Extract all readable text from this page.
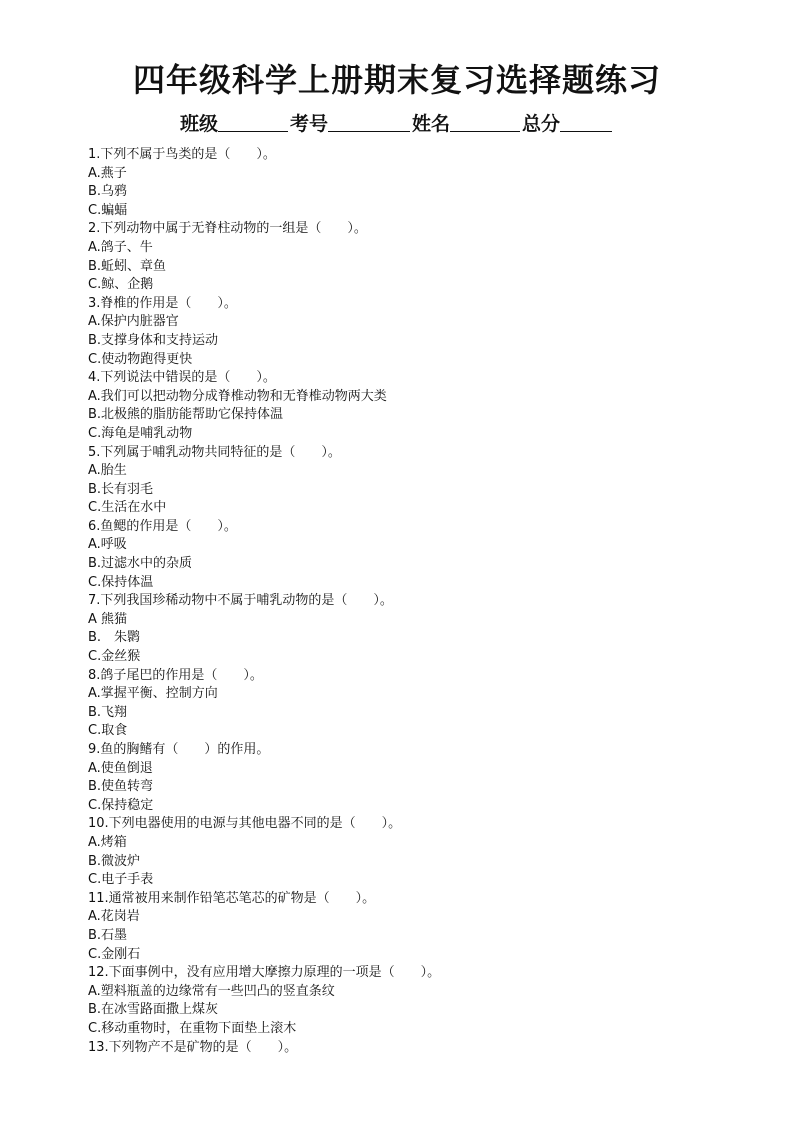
四年级科学上册期末复习选择题练习
班级	考号	姓名	总分
1.下列不属于鸟类的是（　　）。
A.燕子
B.乌鸦
C.蝙蝠
2.下列动物中属于无脊柱动物的一组是（　　）。
A.鸽子、牛
B.蚯蚓、章鱼
C.鲸、企鹅
3.脊椎的作用是（　　）。
A.保护内脏器官
B.支撑身体和支持运动
C.使动物跑得更快
4.下列说法中错误的是（　　）。
A.我们可以把动物分成脊椎动物和无脊椎动物两大类
B.北极熊的脂肪能帮助它保持体温
C.海龟是哺乳动物
5.下列属于哺乳动物共同特征的是（　　）。
A.胎生
B.长有羽毛
C.生活在水中
6.鱼鳃的作用是（　　）。
A.呼吸
B.过滤水中的杂质
C.保持体温
7.下列我国珍稀动物中不属于哺乳动物的是（　　）。
A 熊猫
B.　朱鹮
C.金丝猴
8.鸽子尾巴的作用是（　　）。
A.掌握平衡、控制方向
B.飞翔
C.取食
9.鱼的胸鳍有（　　）的作用。
A.使鱼倒退
B.使鱼转弯
C.保持稳定
10.下列电器使用的电源与其他电器不同的是（　　）。
A.烤箱
B.微波炉
C.电子手表
11.通常被用来制作铅笔芯笔芯的矿物是（　　）。
A.花岗岩
B.石墨
C.金刚石
12.下面事例中，没有应用增大摩擦力原理的一项是（　　）。
A.塑料瓶盖的边缘常有一些凹凸的竖直条纹
B.在冰雪路面撒上煤灰
C.移动重物时，在重物下面垫上滚木
13.下列物产不是矿物的是（　　）。
